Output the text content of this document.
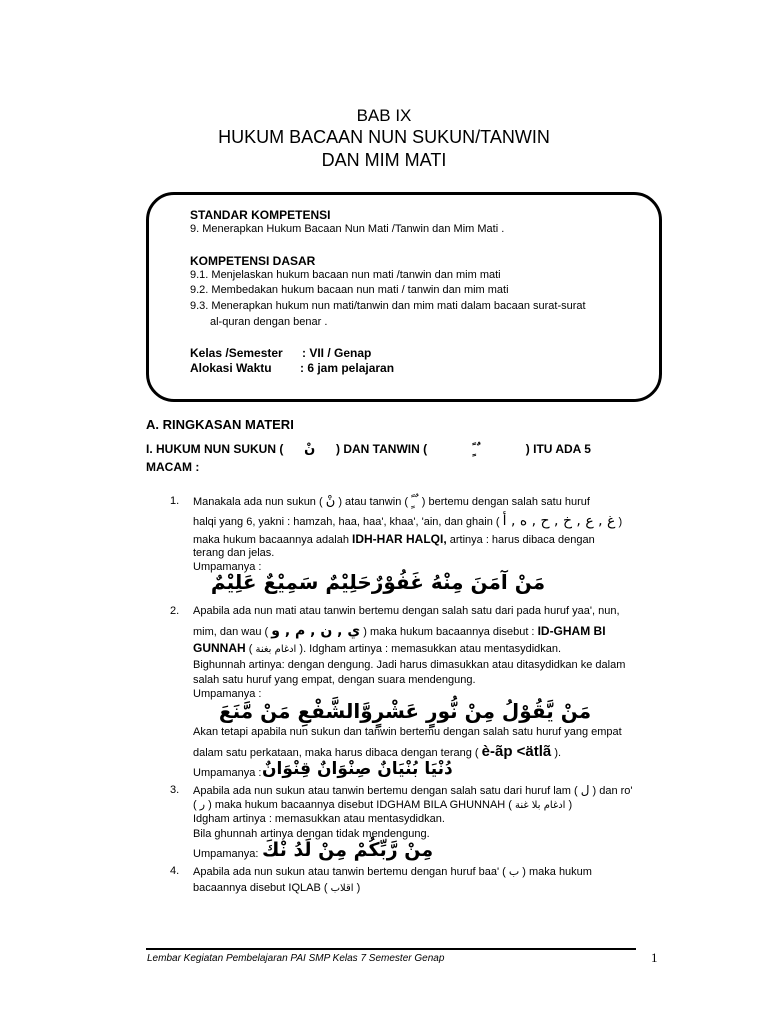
BAB IX
HUKUM BACAAN NUN SUKUN/TANWIN
DAN MIM MATI
STANDAR KOMPETENSI
9. Menerapkan Hukum Bacaan Nun Mati /Tanwin dan Mim Mati .
KOMPETENSI DASAR
9.1. Menjelaskan hukum bacaan nun mati /tanwin dan mim mati
9.2. Membedakan hukum bacaan nun mati / tanwin dan mim mati
9.3. Menerapkan hukum nun mati/tanwin dan mim mati dalam bacaan surat-surat
al-quran dengan benar .
Kelas /Semester : VII / Genap
Alokasi Waktu : 6 jam pelajaran
A. RINGKASAN MATERI
I. HUKUM NUN SUKUN ( نْ ) DAN TANWIN (	ً ٍ ٌ	) ITU ADA 5
MACAM :
1. Manakala ada nun sukun ( نْ ) atau tanwin ( ً ٍ ٌ ) bertemu dengan salah satu huruf
halqi yang 6, yakni : hamzah, haa, haa', khaa', 'ain, dan ghain ( غ , ع , خ , ح , ه , أ )
maka hukum bacaannya adalah IDH-HAR HALQI, artinya : harus dibaca dengan
terang dan jelas.
Umpamanya :
مَنْ آمَنَ مِنْهُ غَفُوْرٌحَلِيْمٌ سَمِيْعٌ عَلِيْمٌ
2. Apabila ada nun mati atau tanwin bertemu dengan salah satu dari pada huruf yaa', nun,
mim, dan wau ( ي , ن , م , و ) maka hukum bacaannya disebut : ID-GHAM BI
GUNNAH ( ادغام بغنة ). Idgham artinya : memasukkan atau mentasydidkan.
Bighunnah artinya: dengan dengung. Jadi harus dimasukkan atau ditasydidkan ke dalam
salah satu huruf yang empat, dengan suara mendengung.
Umpamanya :
مَنْ يَّقُوْلُ مِنْ نُّورٍ عَشْرٍوَّالشَّفْعِ مَنْ مَّنَعَ
Akan tetapi apabila nun sukun dan tanwin bertemu dengan salah satu huruf yang empat
dalam satu perkataan, maka harus dibaca dengan terang ( è-ãp <ätlã ).
Umpamanya : دُنْيَا بُنْيَانٌ صِنْوَانٌ قِنْوَانٌ
3. Apabila ada nun sukun atau tanwin bertemu dengan salah satu dari huruf lam ( ل ) dan ro'
( ر ) maka hukum bacaannya disebut IDGHAM BILA GHUNNAH ( ادغام بلا غنة )
Idgham artinya : memasukkan atau mentasydidkan.
Bila ghunnah artinya dengan tidak mendengung.
Umpamanya: مِنْ رَّبِّكُمْ مِنْ لَدُ نْكَ
4. Apabila ada nun sukun atau tanwin bertemu dengan huruf baa' ( ب ) maka hukum
bacaannya disebut IQLAB ( اقلاب )
Lembar Kegiatan Pembelajaran PAI SMP Kelas 7 Semester Genap	1
